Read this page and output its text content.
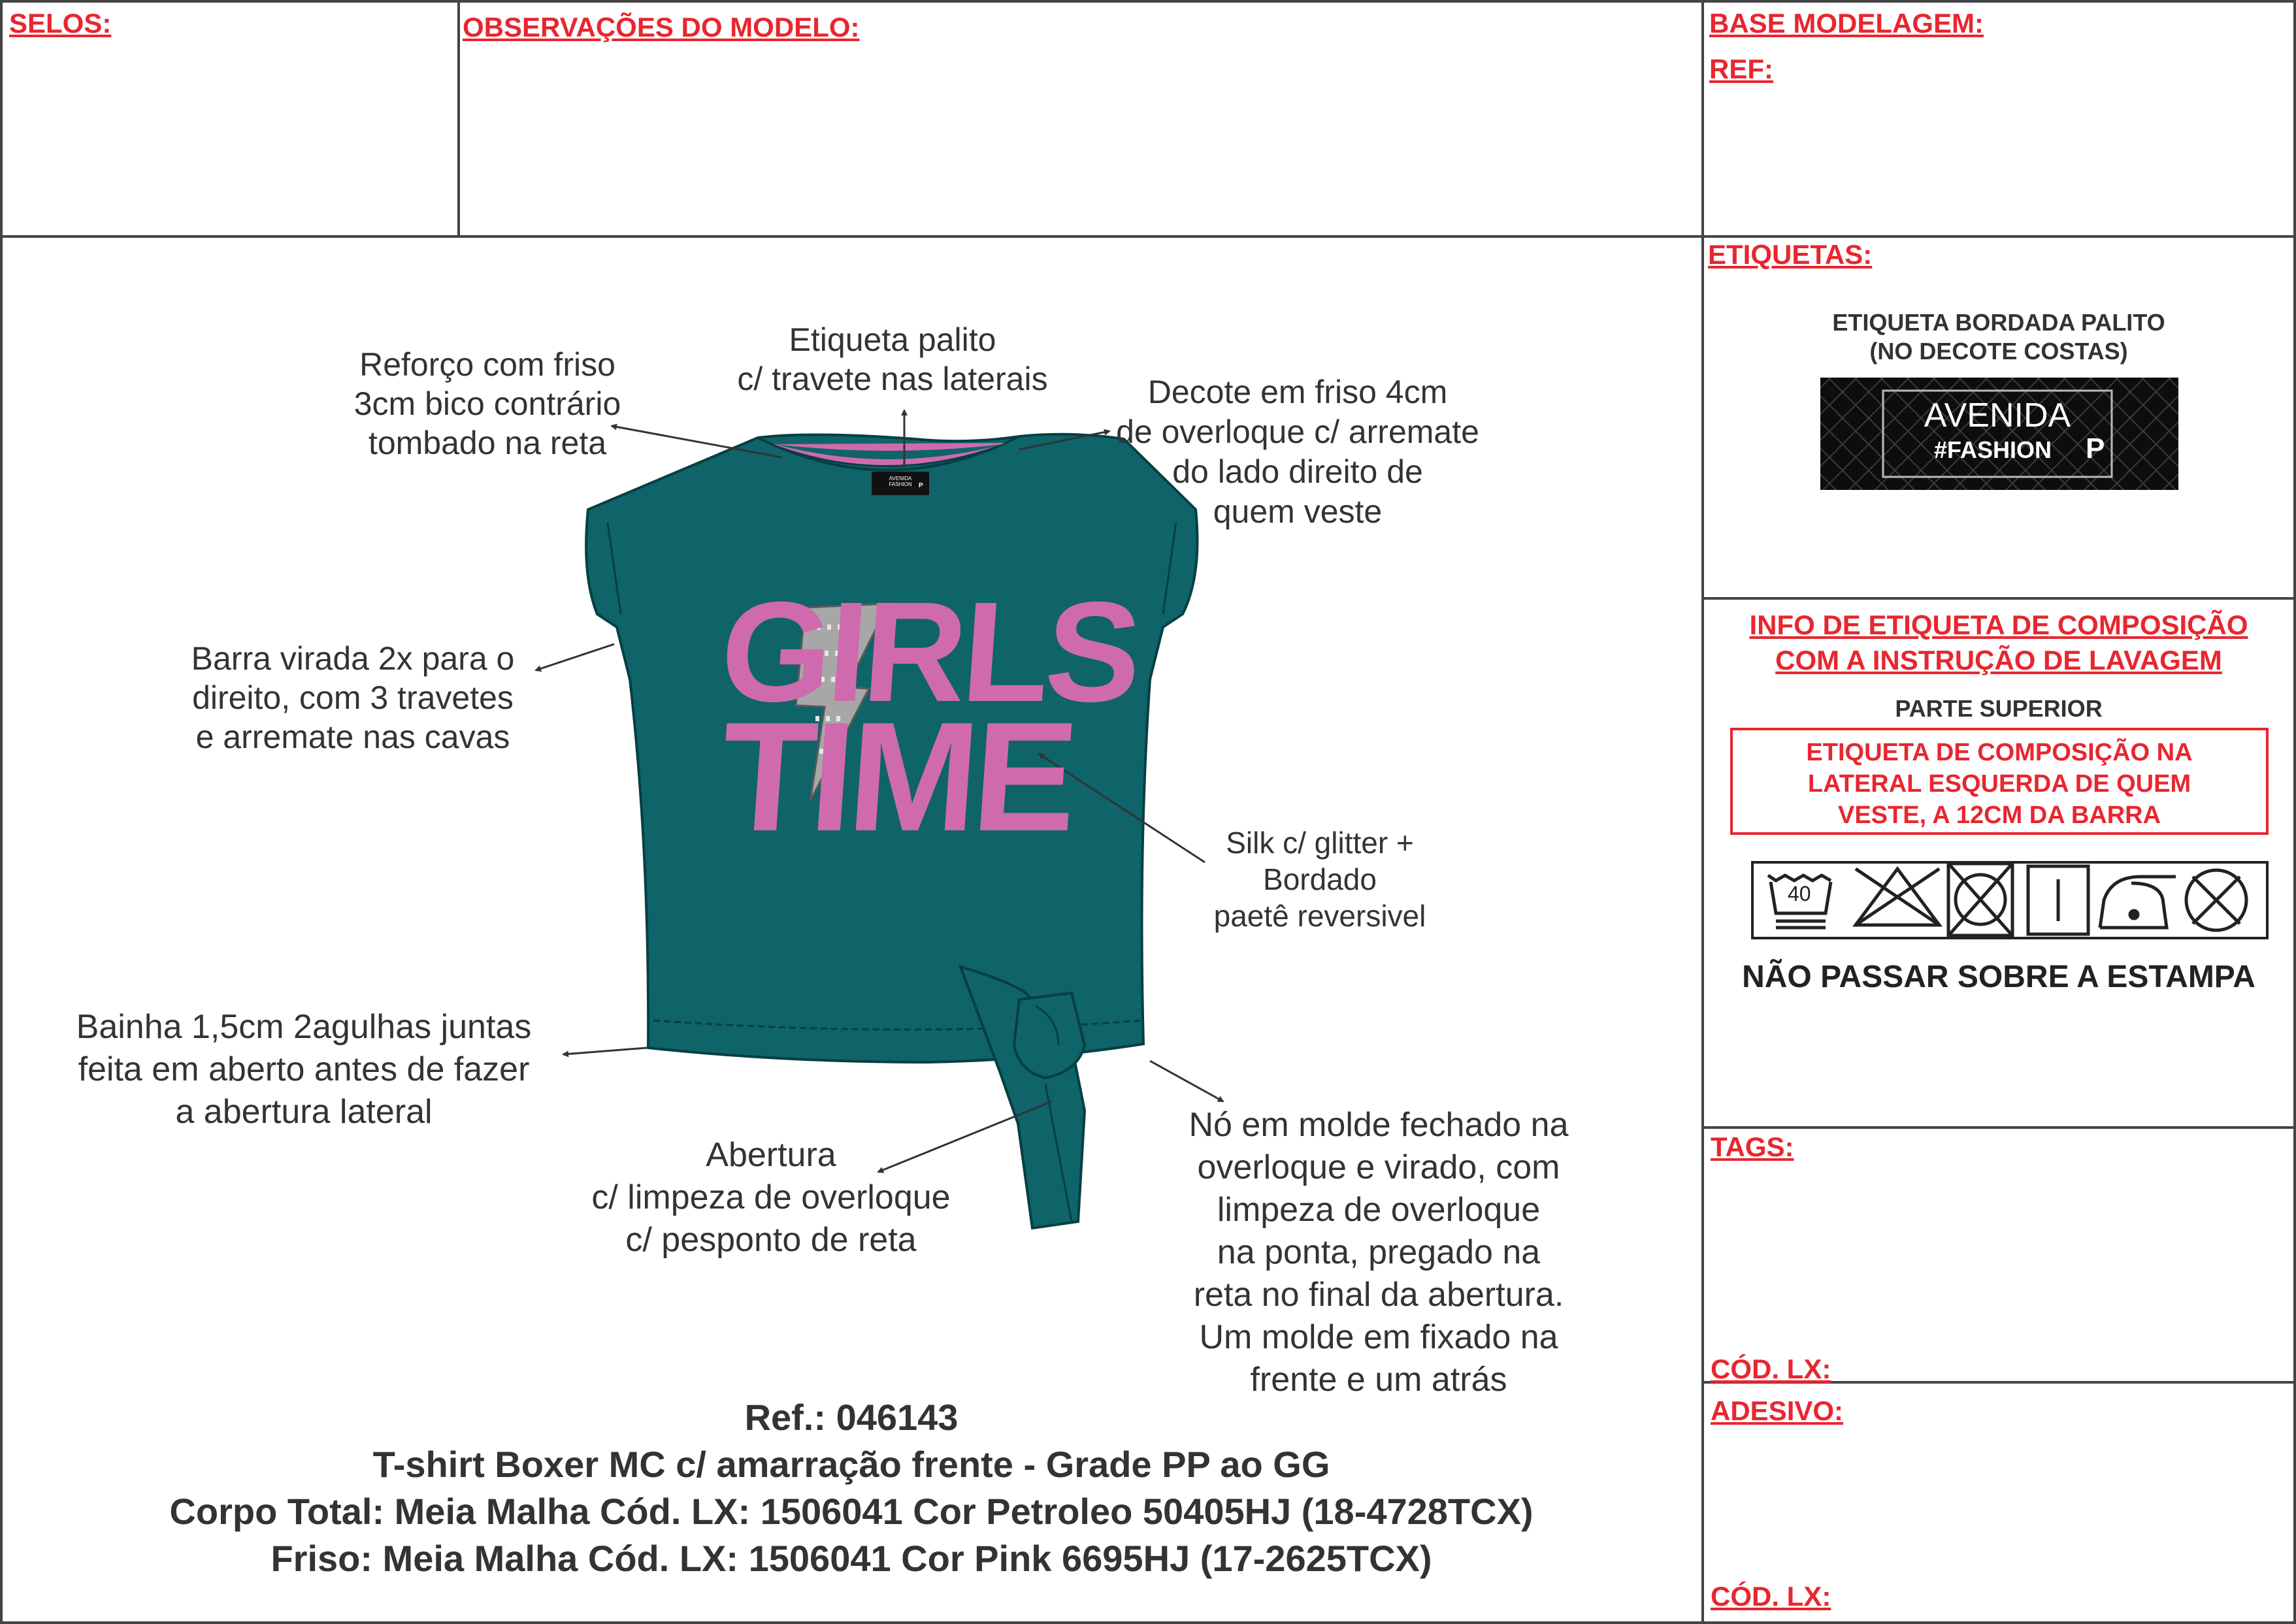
SELOS:	OBSERVAÇÕES DO MODELO:	BASE MODELAGEM:
REF:
ETIQUETAS:
ETIQUETA BORDADA PALITO
(NO DECOTE COSTAS)
AVENIDA
#FASHION P
INFO DE ETIQUETA DE COMPOSIÇÃO
COM A INSTRUÇÃO DE LAVAGEM
PARTE SUPERIOR
ETIQUETA DE COMPOSIÇÃO NA
LATERAL ESQUERDA DE QUEM
VESTE, A 12CM DA BARRA
40
NÃO PASSAR SOBRE A ESTAMPA
TAGS:
CÓD. LX:
ADESIVO:
CÓD. LX:
AVENIDA
FASHION	P
GIRLS
TIME
Reforço com friso
3cm bico contrário
tombado na reta
Etiqueta palito
c/ travete nas laterais	Decote em friso 4cm
de overloque c/ arremate
do lado direito de
quem veste
Barra virada 2x para o
direito, com 3 travetes
e arremate nas cavas
Silk c/ glitter +
Bordado
paetê reversivel
Bainha 1,5cm 2agulhas juntas
feita em aberto antes de fazer
a abertura lateral
Abertura
c/ limpeza de overloque
c/ pesponto de reta
Nó em molde fechado na
overloque e virado, com
limpeza de overloque
na ponta, pregado na
reta no final da abertura.
Um molde em fixado na
frente e um atrás
Ref.: 046143
T-shirt Boxer MC c/ amarração frente - Grade PP ao GG
Corpo Total: Meia Malha Cód. LX: 1506041 Cor Petroleo 50405HJ (18-4728TCX)
Friso: Meia Malha Cód. LX: 1506041 Cor Pink 6695HJ (17-2625TCX)
